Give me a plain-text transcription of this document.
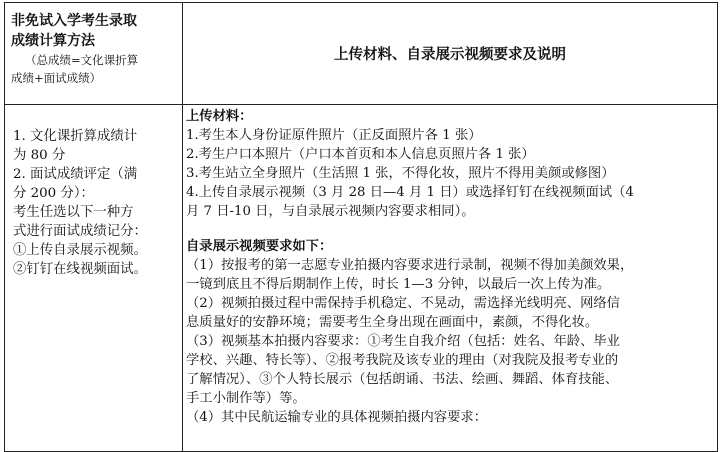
非免试入学考生录取
成绩计算方法
（总成绩=文化课折算
成绩+面试成绩）
上传材料、自录展示视频要求及说明
1. 文化课折算成绩计
为 80 分
2. 面试成绩评定（满
分 200 分）：
考生任选以下一种方
式进行面试成绩记分：
①上传自录展示视频。
②钉钉在线视频面试。
上传材料：
1.考生本人身份证原件照片（正反面照片各 1 张）
2.考生户口本照片（户口本首页和本人信息页照片各 1 张）
3.考生站立全身照片（生活照 1 张，不得化妆，照片不得用美颜或修图）
4.上传自录展示视频（3 月 28 日—4 月 1 日）或选择钉钉在线视频面试（4
月 7 日-10 日，与自录展示视频内容要求相同）。
自录展示视频要求如下：
（1）按报考的第一志愿专业拍摄内容要求进行录制，视频不得加美颜效果，
一镜到底且不得后期制作上传，时长 1—3 分钟，以最后一次上传为准。
（2）视频拍摄过程中需保持手机稳定、不晃动，需选择光线明亮、网络信
息质量好的安静环境；需要考生全身出现在画面中，素颜，不得化妆。
（3）视频基本拍摄内容要求：①考生自我介绍（包括：姓名、年龄、毕业
学校、兴趣、特长等）、②报考我院及该专业的理由（对我院及报考专业的
了解情况）、③个人特长展示（包括朗诵、书法、绘画、舞蹈、体育技能、
手工小制作等）等。
（4）其中民航运输专业的具体视频拍摄内容要求：
